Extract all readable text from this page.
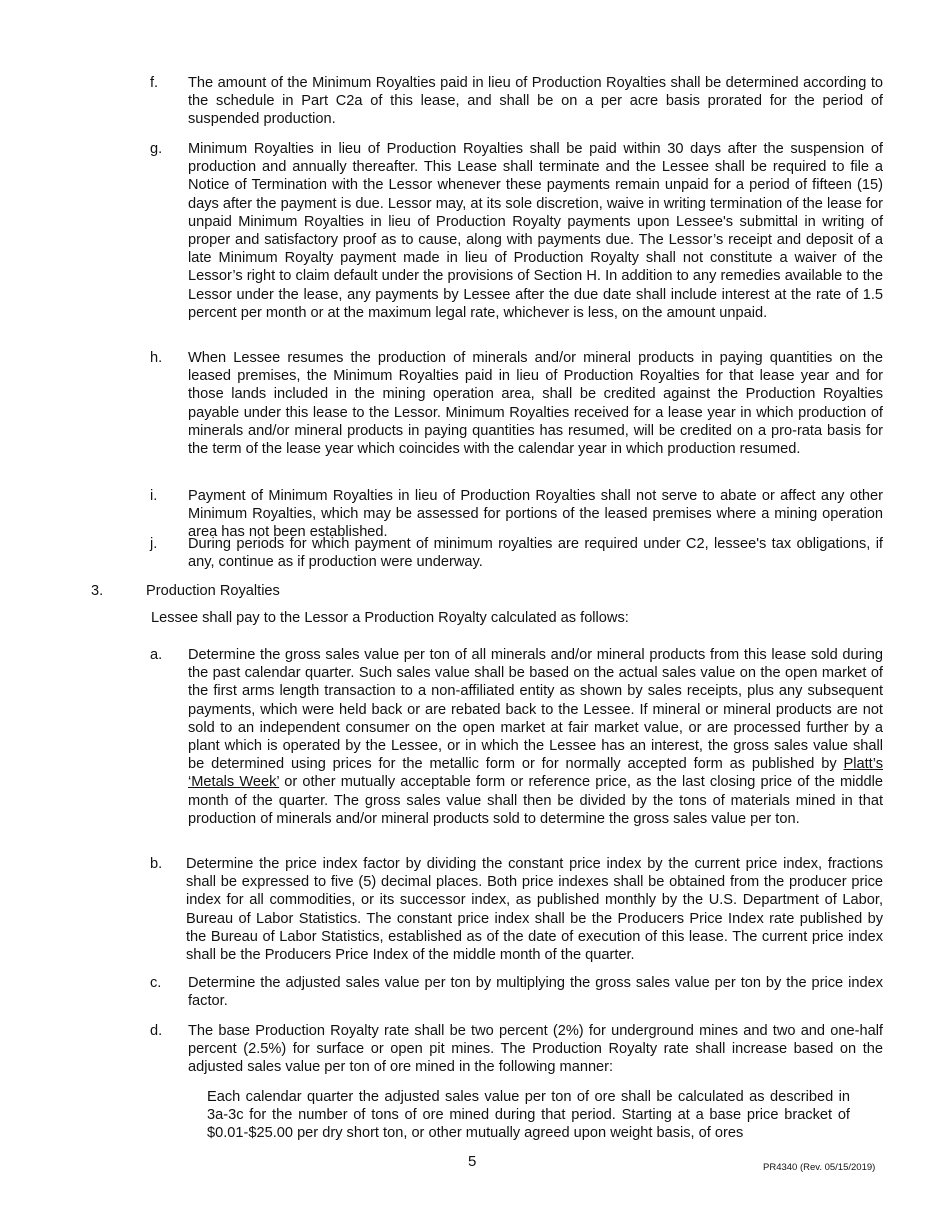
f. The amount of the Minimum Royalties paid in lieu of Production Royalties shall be determined according to the schedule in Part C2a of this lease, and shall be on a per acre basis prorated for the period of suspended production.
g. Minimum Royalties in lieu of Production Royalties shall be paid within 30 days after the suspension of production and annually thereafter. This Lease shall terminate and the Lessee shall be required to file a Notice of Termination with the Lessor whenever these payments remain unpaid for a period of fifteen (15) days after the payment is due. Lessor may, at its sole discretion, waive in writing termination of the lease for unpaid Minimum Royalties in lieu of Production Royalty payments upon Lessee's submittal in writing of proper and satisfactory proof as to cause, along with payments due. The Lessor’s receipt and deposit of a late Minimum Royalty payment made in lieu of Production Royalty shall not constitute a waiver of the Lessor’s right to claim default under the provisions of Section H. In addition to any remedies available to the Lessor under the lease, any payments by Lessee after the due date shall include interest at the rate of 1.5 percent per month or at the maximum legal rate, whichever is less, on the amount unpaid.
h. When Lessee resumes the production of minerals and/or mineral products in paying quantities on the leased premises, the Minimum Royalties paid in lieu of Production Royalties for that lease year and for those lands included in the mining operation area, shall be credited against the Production Royalties payable under this lease to the Lessor. Minimum Royalties received for a lease year in which production of minerals and/or mineral products in paying quantities has resumed, will be credited on a pro-rata basis for the term of the lease year which coincides with the calendar year in which production resumed.
i. Payment of Minimum Royalties in lieu of Production Royalties shall not serve to abate or affect any other Minimum Royalties, which may be assessed for portions of the leased premises where a mining operation area has not been established.
j. During periods for which payment of minimum royalties are required under C2, lessee's tax obligations, if any, continue as if production were underway.
3.	Production Royalties
Lessee shall pay to the Lessor a Production Royalty calculated as follows:
a. Determine the gross sales value per ton of all minerals and/or mineral products from this lease sold during the past calendar quarter. Such sales value shall be based on the actual sales value on the open market of the first arms length transaction to a non-affiliated entity as shown by sales receipts, plus any subsequent payments, which were held back or are rebated back to the Lessee. If mineral or mineral products are not sold to an independent consumer on the open market at fair market value, or are processed further by a plant which is operated by the Lessee, or in which the Lessee has an interest, the gross sales value shall be determined using prices for the metallic form or for normally accepted form as published by Platt’s ‘Metals Week’ or other mutually acceptable form or reference price, as the last closing price of the middle month of the quarter. The gross sales value shall then be divided by the tons of materials mined in that production of minerals and/or mineral products sold to determine the gross sales value per ton.
b. Determine the price index factor by dividing the constant price index by the current price index, fractions shall be expressed to five (5) decimal places. Both price indexes shall be obtained from the producer price index for all commodities, or its successor index, as published monthly by the U.S. Department of Labor, Bureau of Labor Statistics. The constant price index shall be the Producers Price Index rate published by the Bureau of Labor Statistics, established as of the date of execution of this lease. The current price index shall be the Producers Price Index of the middle month of the quarter.
c. Determine the adjusted sales value per ton by multiplying the gross sales value per ton by the price index factor.
d. The base Production Royalty rate shall be two percent (2%) for underground mines and two and one-half percent (2.5%) for surface or open pit mines. The Production Royalty rate shall increase based on the adjusted sales value per ton of ore mined in the following manner:
Each calendar quarter the adjusted sales value per ton of ore shall be calculated as described in 3a-3c for the number of tons of ore mined during that period. Starting at a base price bracket of $0.01-$25.00 per dry short ton, or other mutually agreed upon weight basis, of ores
5	PR4340 (Rev. 05/15/2019)
